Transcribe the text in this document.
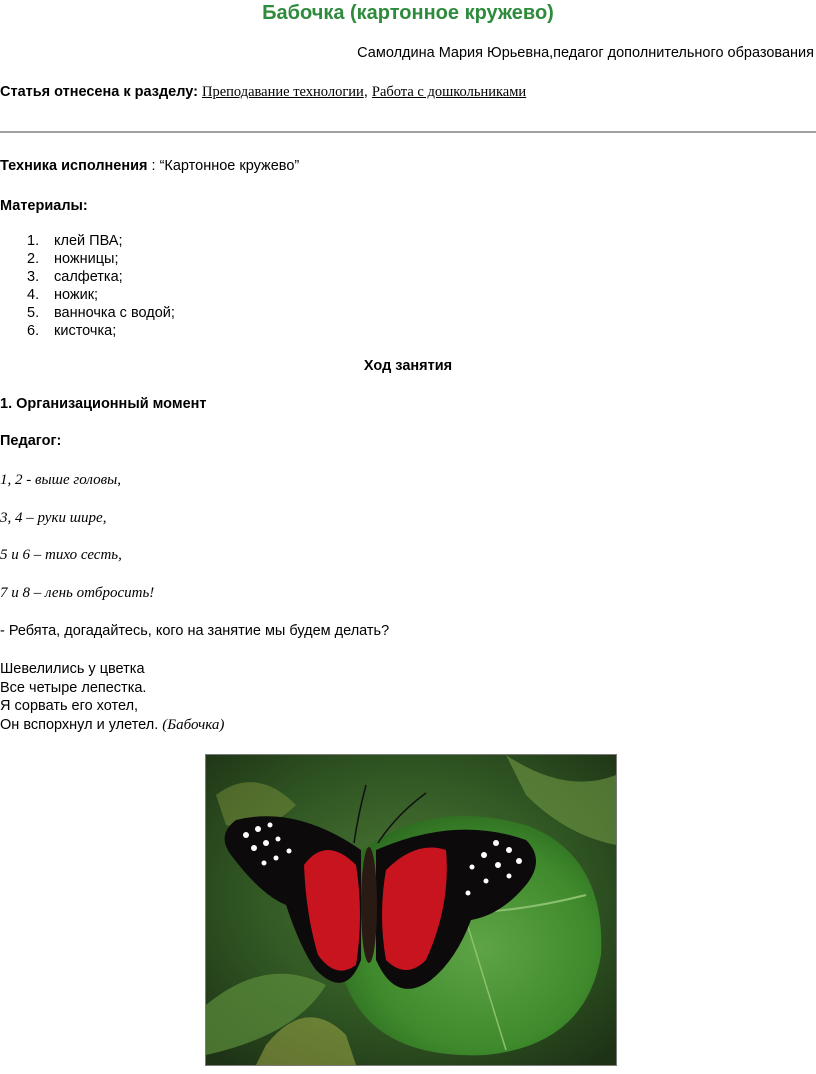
Бабочка (картонное кружево)
Самолдина Мария Юрьевна,педагог дополнительного образования
Статья отнесена к разделу: Преподавание технологии, Работа с дошкольниками

Техника исполнения : “Картонное кружево”

Материалы:

1. клей ПВА;
2. ножницы;
3. салфетка;
4. ножик;
5. ванночка с водой;
6. кисточка;
Ход занятия

1. Организационный момент

Педагог:

1, 2 - выше головы,

3, 4 – руки шире,

5 и 6 – тихо сесть,

7 и 8 – лень отбросить!

- Ребята, догадайтесь, кого на занятие мы будем делать?

Шевелились у цветка
Все четыре лепестка.
Я сорвать его хотел,
Он вспорхнул и улетел. (Бабочка)
